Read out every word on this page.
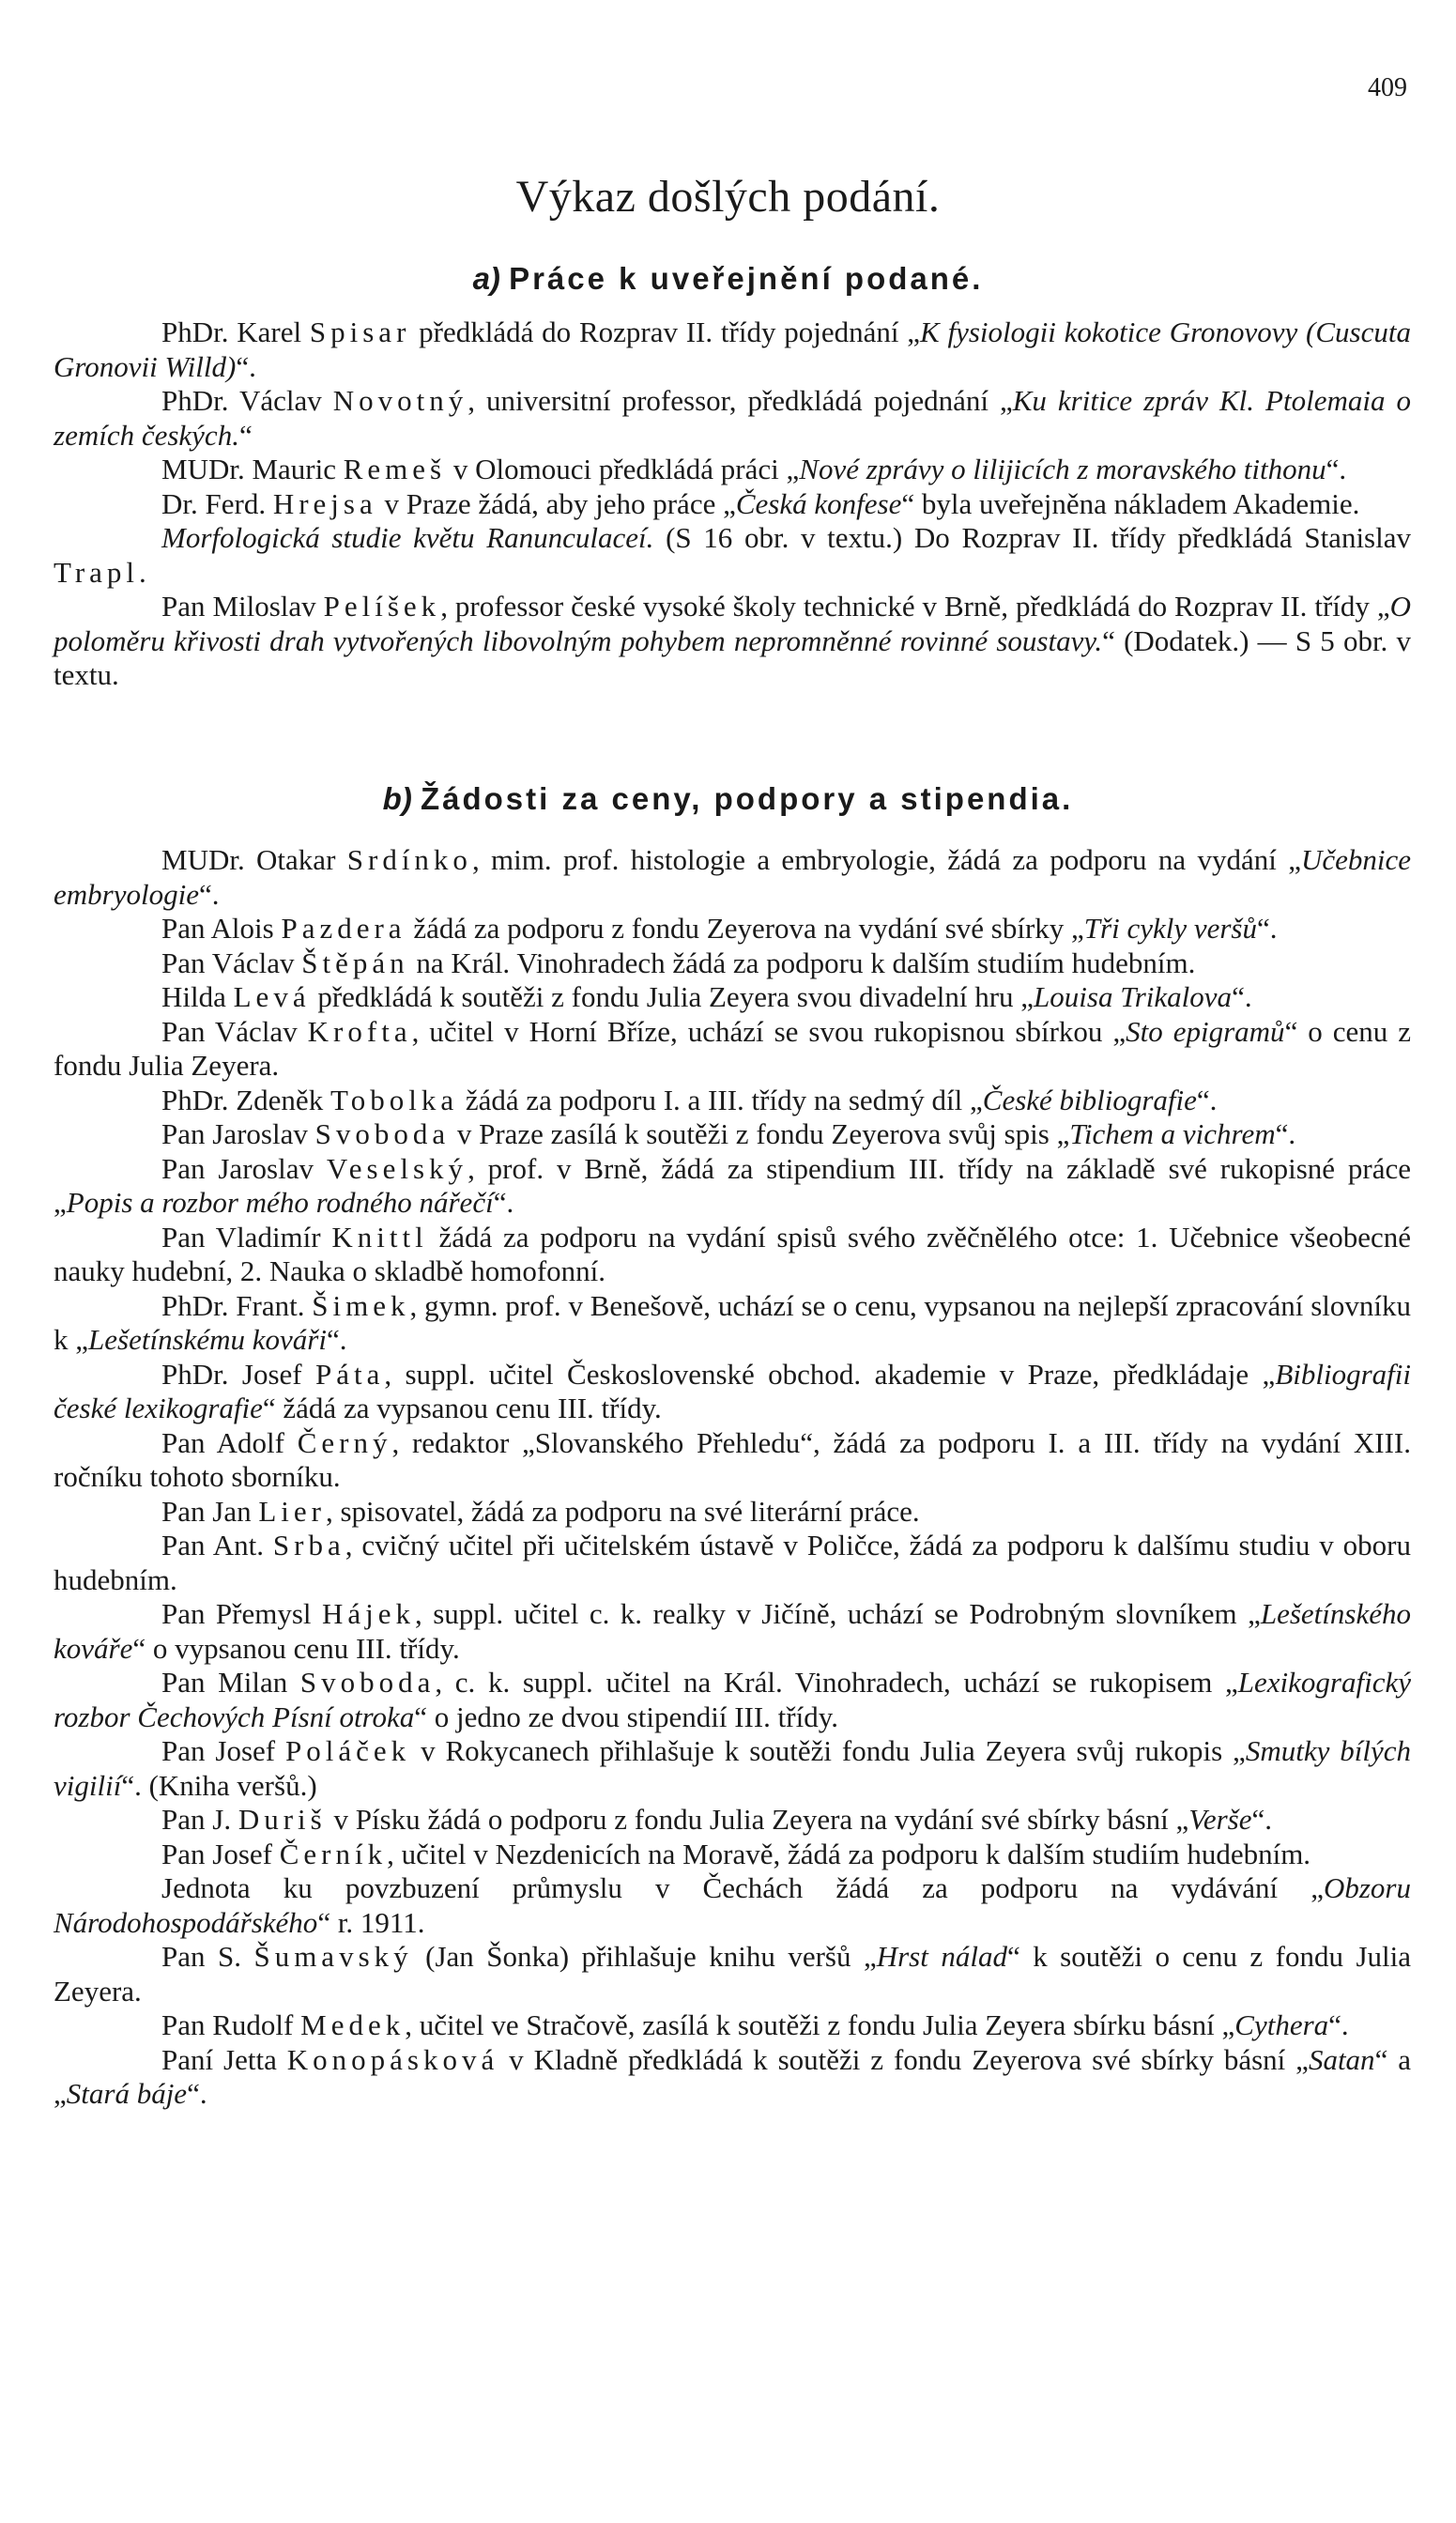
409
Výkaz došlých podání.
a) Práce k uveřejnění podané.

PhDr. Karel Spisar předkládá do Rozprav II. třídy pojednání „K fysiologii kokotice Gronovovy (Cuscuta Gronovii Willd)“.

PhDr. Václav Novotný, universitní professor, předkládá pojednání „Ku kritice zpráv Kl. Ptolemaia o zemích českých.“

MUDr. Mauric Remeš v Olomouci předkládá práci „Nové zprávy o lilijicích z moravského tithonu“.

Dr. Ferd. Hrejsa v Praze žádá, aby jeho práce „Česká konfese“ byla uveřejněna nákladem Akademie.

Morfologická studie květu Ranunculaceí. (S 16 obr. v textu.) Do Rozprav II. třídy předkládá Stanislav Trapl.

Pan Miloslav Pelíšek, professor české vysoké školy technické v Brně, předkládá do Rozprav II. třídy „O poloměru křivosti drah vytvořených libovolným pohybem nepromněnné rovinné soustavy.“ (Dodatek.) — S 5 obr. v textu.

b) Žádosti za ceny, podpory a stipendia.

MUDr. Otakar Srdínko, mim. prof. histologie a embryologie, žádá za podporu na vydání „Učebnice embryologie“.

Pan Alois Pazdera žádá za podporu z fondu Zeyerova na vydání své sbírky „Tři cykly veršů“.

Pan Václav Štěpán na Král. Vinohradech žádá za podporu k dalším studiím hudebním.

Hilda Levá předkládá k soutěži z fondu Julia Zeyera svou divadelní hru „Louisa Trikalova“.

Pan Václav Krofta, učitel v Horní Bříze, uchází se svou rukopisnou sbírkou „Sto epigramů“ o cenu z fondu Julia Zeyera.

PhDr. Zdeněk Tobolka žádá za podporu I. a III. třídy na sedmý díl „České bibliografie“.

Pan Jaroslav Svoboda v Praze zasílá k soutěži z fondu Zeyerova svůj spis „Tichem a vichrem“.

Pan Jaroslav Veselský, prof. v Brně, žádá za stipendium III. třídy na základě své rukopisné práce „Popis a rozbor mého rodného nářečí“.

Pan Vladimír Knittl žádá za podporu na vydání spisů svého zvěčnělého otce: 1. Učebnice všeobecné nauky hudební, 2. Nauka o skladbě homofonní.

PhDr. Frant. Šimek, gymn. prof. v Benešově, uchází se o cenu, vypsanou na nejlepší zpracování slovníku k „Lešetínskému kováři“.

PhDr. Josef Páta, suppl. učitel Československé obchod. akademie v Praze, předkládaje „Bibliografii české lexikografie“ žádá za vypsanou cenu III. třídy.

Pan Adolf Černý, redaktor „Slovanského Přehledu“, žádá za podporu I. a III. třídy na vydání XIII. ročníku tohoto sborníku.

Pan Jan Lier, spisovatel, žádá za podporu na své literární práce.

Pan Ant. Srba, cvičný učitel při učitelském ústavě v Poličce, žádá za podporu k dalšímu studiu v oboru hudebním.

Pan Přemysl Hájek, suppl. učitel c. k. realky v Jičíně, uchází se Podrobným slovníkem „Lešetínského kováře“ o vypsanou cenu III. třídy.

Pan Milan Svoboda, c. k. suppl. učitel na Král. Vinohradech, uchází se rukopisem „Lexikografický rozbor Čechových Písní otroka“ o jedno ze dvou stipendií III. třídy.

Pan Josef Poláček v Rokycanech přihlašuje k soutěži fondu Julia Zeyera svůj rukopis „Smutky bílých vigilií“. (Kniha veršů.)

Pan J. Duriš v Písku žádá o podporu z fondu Julia Zeyera na vydání své sbírky básní „Verše“.

Pan Josef Černík, učitel v Nezdenicích na Moravě, žádá za podporu k dalším studiím hudebním.

Jednota ku povzbuzení průmyslu v Čechách žádá za podporu na vydávání „Obzoru Národohospodářského“ r. 1911.

Pan S. Šumavský (Jan Šonka) přihlašuje knihu veršů „Hrst nálad“ k soutěži o cenu z fondu Julia Zeyera.

Pan Rudolf Medek, učitel ve Stračově, zasílá k soutěži z fondu Julia Zeyera sbírku básní „Cythera“.

Paní Jetta Konopásková v Kladně předkládá k soutěži z fondu Zeyerova své sbírky básní „Satan“ a „Stará báje“.
